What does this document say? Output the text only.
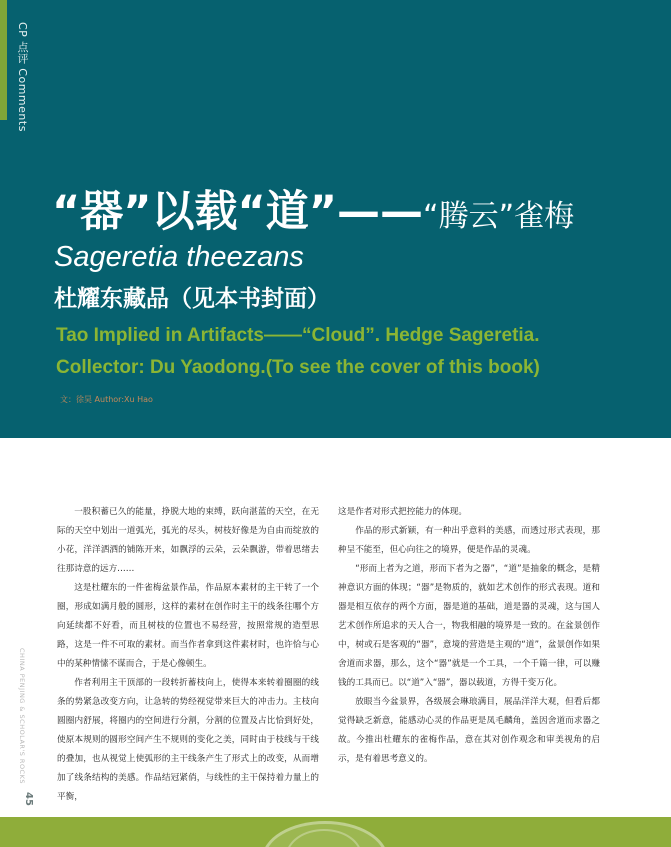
CP 点评 Comments
“器”以载“道”——“腾云”雀梅
Sageretia theezans
杜耀东藏品（见本书封面）
Tao Implied in Artifacts——“Cloud”. Hedge Sageretia.
Collector: Du Yaodong.(To see the cover of this book)
文：徐昊 Author:Xu Hao

一股积蓄已久的能量，挣脱大地的束缚，跃向湛蓝的天空，在无际的天空中划出一道弧光，弧光的尽头，树枝好像是为自由而绽放的小花，洋洋洒洒的铺陈开来，如飘浮的云朵，云朵飘游，带着思绪去往那诗意的远方……

这是杜耀东的一件雀梅盆景作品，作品原本素材的主干转了一个圈，形成如满月般的圆形，这样的素材在创作时主干的线条往哪个方向延续都不好看，而且树枝的位置也不易经营，按照常规的造型思路，这是一件不可取的素材。而当作者拿到这件素材时，也许恰与心中的某种情愫不谋而合，于是心像顿生。

作者利用主干顶部的一段转折蓄枝向上，使得本来转着圈圈的线条的势紧急改变方向，让急转的势经视觉带来巨大的冲击力。主枝向圆圈内舒展，将圈内的空间进行分割，分割的位置及占比恰到好处，使原本规则的圆形空间产生不规则的变化之美，同时由于枝线与干线的叠加，也从视觉上使弧形的主干线条产生了形式上的改变，从而增加了线条结构的美感。作品结冠紧俏，与线性的主干保持着力量上的平衡，

这是作者对形式把控能力的体现。

作品的形式新颖，有一种出乎意料的美感，而透过形式表现，那种呈不能至，但心向往之的境界，便是作品的灵魂。

“形而上者为之道，形而下者为之器”，“道”是抽象的概念，是精神意识方面的体现；“器”是物质的，就如艺术创作的形式表现。道和器是相互依存的两个方面，器是道的基础，道是器的灵魂，这与国人艺术创作所追求的天人合一，物我相融的境界是一致的。在盆景创作中，树或石是客观的“器”，意境的营造是主观的“道”，盆景创作如果舍道而求器，那么，这个“器”就是一个工具，一个千篇一律，可以赚钱的工具而已。以“道”入“器”，器以载道，方得千变万化。

放眼当今盆景界，各级展会琳琅满目，展品洋洋大观，但看后都觉得缺乏新意，能感动心灵的作品更是凤毛麟角，盖因舍道而求器之故。今推出杜耀东的雀梅作品，意在其对创作观念和审美视角的启示，是有着思考意义的。

CHINA PENJING & SCHOLAR'S ROCKS
45
